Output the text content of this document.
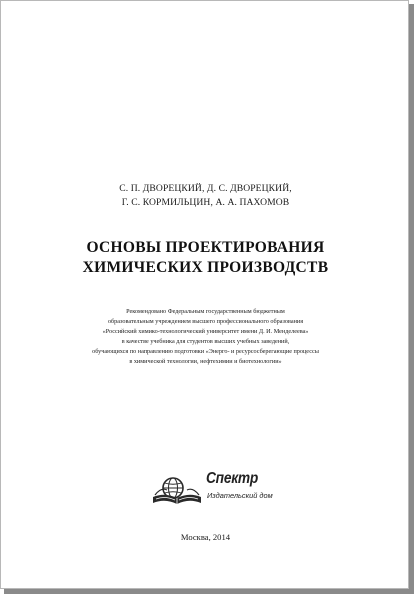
С. П. ДВОРЕЦКИЙ, Д. С. ДВОРЕЦКИЙ,
Г. С. КОРМИЛЬЦИН, А. А. ПАХОМОВ
ОСНОВЫ ПРОЕКТИРОВАНИЯ
ХИМИЧЕСКИХ ПРОИЗВОДСТВ
Рекомендовано Федеральным государственным бюджетным
образовательным учреждением высшего профессионального образования
«Российский химико-технологический университет имени Д. И. Менделеева»
в качестве учебника для студентов высших учебных заведений,
обучающихся по направлению подготовки «Энерго- и ресурсосберегающие процессы
в химической технологии, нефтехимии и биотехнологии»
Спектр
Издательский дом
Москва, 2014
